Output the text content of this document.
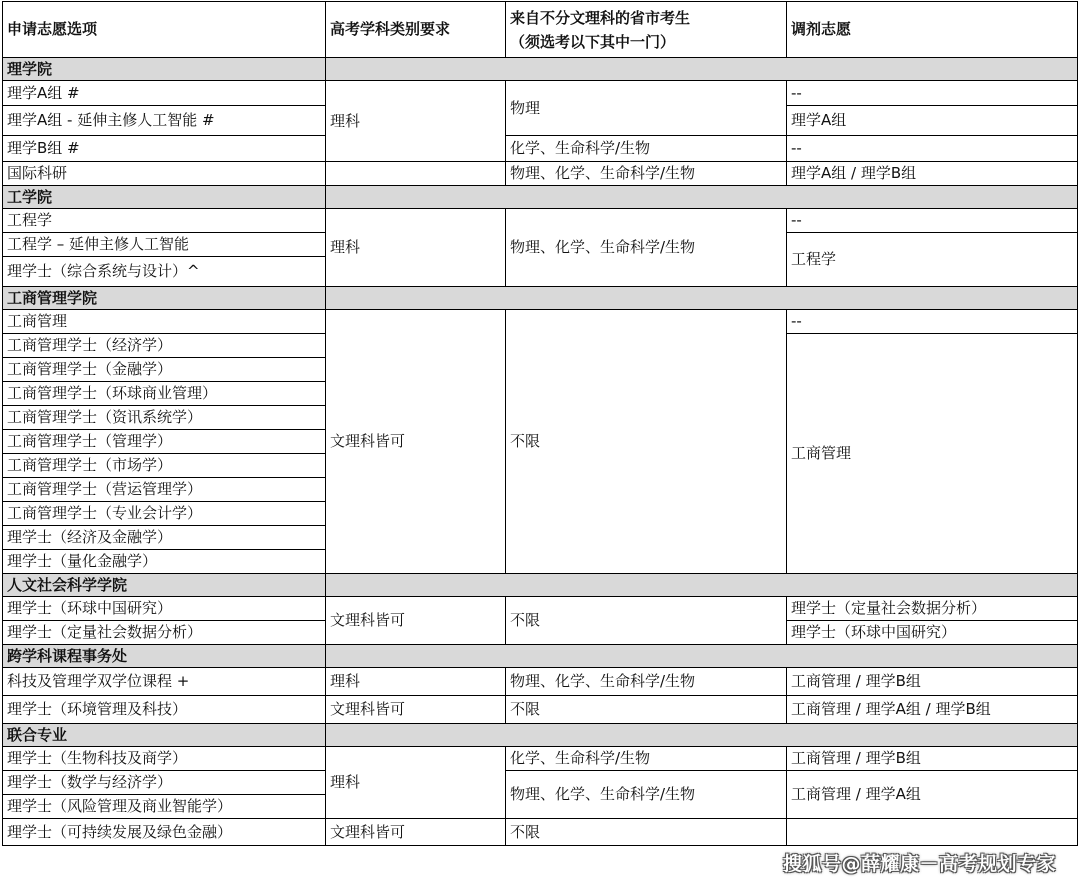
申请志愿选项	高考学科类别要求	来自不分文理科的省市考生
（须选考以下其中一门）	调剂志愿
理学院			
理学A组 #	理科	物理	--
理学A组 - 延伸主修人工智能 #			理学A组
理学B组 #		化学、生命科学/生物	--
国际科研		物理、化学、生命科学/生物	理学A组 / 理学B组
工学院			
工程学	理科	物理、化学、生命科学/生物	--
工程学 – 延伸主修人工智能			工程学
理学士（综合系统与设计）^			
工商管理学院			
工商管理	文理科皆可	不限	--
工商管理学士（经济学）			工商管理
工商管理学士（金融学）			
工商管理学士（环球商业管理）			
工商管理学士（资讯系统学）			
工商管理学士（管理学）			
工商管理学士（市场学）			
工商管理学士（营运管理学）			
工商管理学士（专业会计学）			
理学士（经济及金融学）			
理学士（量化金融学）			
人文社会科学学院			
理学士（环球中国研究）	文理科皆可	不限	理学士（定量社会数据分析）
理学士（定量社会数据分析）			理学士（环球中国研究）
跨学科课程事务处			
科技及管理学双学位课程 +	理科	物理、化学、生命科学/生物	工商管理 / 理学B组
理学士（环境管理及科技）	文理科皆可	不限	工商管理 / 理学A组 / 理学B组
联合专业			
理学士（生物科技及商学）	理科	化学、生命科学/生物	工商管理 / 理学B组
理学士（数学与经济学）		物理、化学、生命科学/生物	工商管理 / 理学A组
理学士（风险管理及商业智能学）			
理学士（可持续发展及绿色金融）	文理科皆可	不限	
搜狐号@薛耀康－高考规划专家
